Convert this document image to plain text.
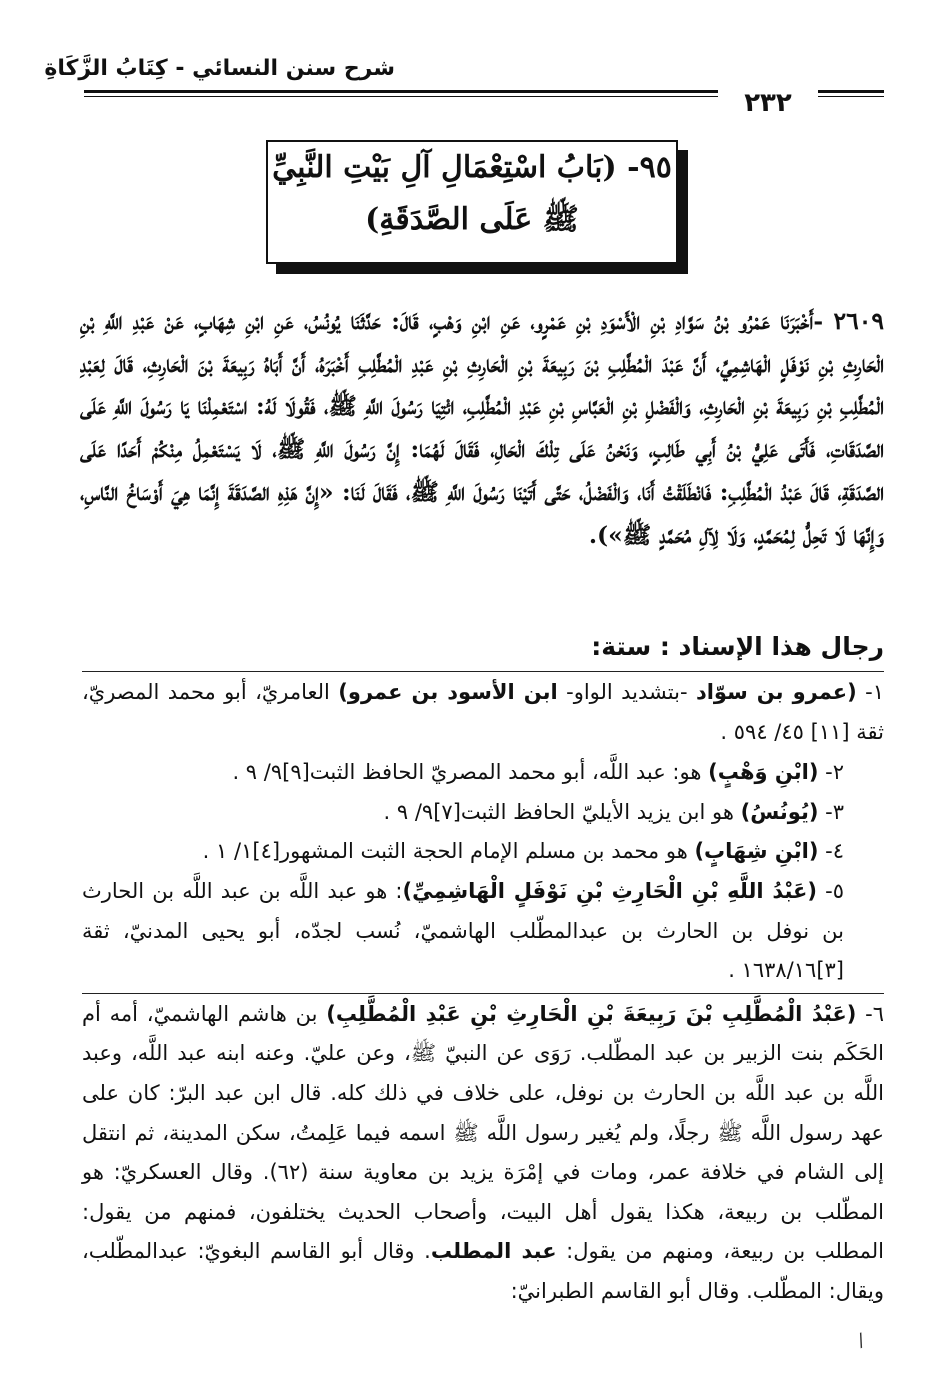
شرح سنن النسائي - كِتَابُ الزَّكَاةِ
٢٣٢
٩٥- (بَابُ اسْتِعْمَالِ آلِ بَيْتِ النَّبِيِّ
ﷺ عَلَى الصَّدَقَةِ)
٢٦٠٩ -أَخْبَرَنَا عَمْرُو بْنُ سَوَّادِ بْنِ الْأَسْوَدِ بْنِ عَمْرٍو، عَنِ ابْنِ وَهْبٍ، قَالَ: حَدَّثَنَا يُونُسُ، عَنِ ابْنِ شِهَابٍ، عَنْ عَبْدِ اللَّهِ بْنِ الْحَارِثِ بْنِ نَوْفَلٍ الْهَاشِمِيِّ، أَنَّ عَبْدَ الْمُطَّلِبِ بْنَ رَبِيعَةَ بْنِ الْحَارِثِ بْنِ عَبْدِ الْمُطَّلِبِ أَخْبَرَهُ، أَنَّ أَبَاهُ رَبِيعَةَ بْنَ الْحَارِثِ، قَالَ لِعَبْدِ الْمُطَّلِبِ بْنِ رَبِيعَةَ بْنِ الْحَارِثِ، وَالْفَضْلِ بْنِ الْعَبَّاسِ بْنِ عَبْدِ الْمُطَّلِبِ، ائْتِيَا رَسُولَ اللَّهِ ﷺ، فَقُولَا لَهُ: اسْتَعْمِلْنَا يَا رَسُولَ اللَّهِ عَلَى الصَّدَقَاتِ، فَأَتَى عَلِيُّ بْنُ أَبِي طَالِبٍ، وَنَحْنُ عَلَى تِلْكَ الْحَالِ، فَقَالَ لَهُمَا: إِنَّ رَسُولَ اللَّهِ ﷺ، لَا يَسْتَعْمِلُ مِنْكُمْ أَحَدًا عَلَى الصَّدَقَةِ، قَالَ عَبْدُ الْمُطَّلِبِ: فَانْطَلَقْتُ أَنَا، وَالْفَضْلُ، حَتَّى أَتَيْنَا رَسُولَ اللَّهِ ﷺ، فَقَالَ لَنَا: «إِنَّ هَذِهِ الصَّدَقَةَ إِنَّمَا هِيَ أَوْسَاخُ النَّاسِ، وَإِنَّهَا لَا تَحِلُّ لِمُحَمَّدٍ، وَلَا لِآلِ مُحَمَّدٍ ﷺ»).
رجال هذا الإسناد : ستة:

١- (عمرو بن سوّاد -بتشديد الواو- ابن الأسود بن عمرو) العامريّ، أبو محمد المصريّ، ثقة [١١] ٤٥/ ٥٩٤ .

٢- (ابْنِ وَهْبٍ) هو: عبد اللَّه، أبو محمد المصريّ الحافظ الثبت[٩]٩/ ٩ .

٣- (يُونُسُ) هو ابن يزيد الأيليّ الحافظ الثبت[٧]٩/ ٩ .

٤- (ابْنِ شِهَابٍ) هو محمد بن مسلم الإمام الحجة الثبت المشهور[٤]١/ ١ .

٥- (عَبْدُ اللَّهِ بْنِ الْحَارِثِ بْنِ نَوْفَلٍ الْهَاشِمِيِّ): هو عبد اللَّه بن عبد اللَّه بن الحارث بن نوفل بن الحارث بن عبدالمطّلب الهاشميّ، نُسب لجدّه، أبو يحيى المدنيّ، ثقة [٣]١٦٣٨/١٦ .

٦- (عَبْدُ الْمُطَّلِبِ بْنَ رَبِيعَةَ بْنِ الْحَارِثِ بْنِ عَبْدِ الْمُطَّلِبِ) بن هاشم الهاشميّ، أمه أم الحَكَم بنت الزبير بن عبد المطّلب. رَوَى عن النبيّ ﷺ، وعن عليّ. وعنه ابنه عبد اللَّه، وعبد اللَّه بن عبد اللَّه بن الحارث بن نوفل، على خلاف في ذلك كله. قال ابن عبد البرّ: كان على عهد رسول اللَّه ﷺ رجلًا، ولم يُغير رسول اللَّه ﷺ اسمه فيما عَلِمتُ، سكن المدينة، ثم انتقل إلى الشام في خلافة عمر، ومات في إمْرَة يزيد بن معاوية سنة (٦٢). وقال العسكريّ: هو المطّلب بن ربيعة، هكذا يقول أهل البيت، وأصحاب الحديث يختلفون، فمنهم من يقول: المطلب بن ربيعة، ومنهم من يقول: عبد المطلب. وقال أبو القاسم البغويّ: عبدالمطّلب، ويقال: المطّلب. وقال أبو القاسم الطبرانيّ:

/
